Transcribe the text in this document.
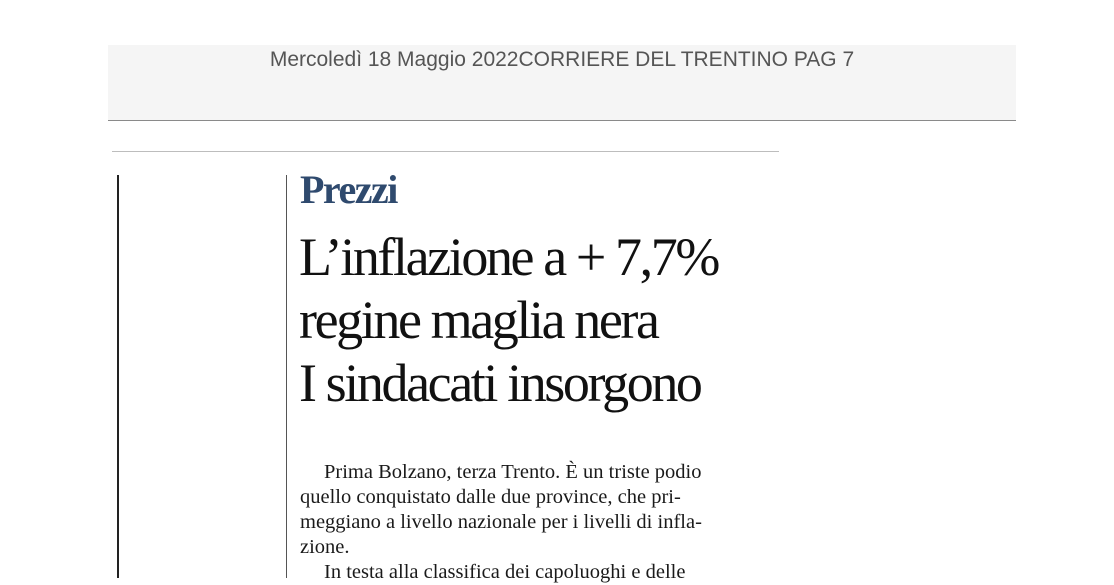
Mercoledì 18 Maggio 2022CORRIERE DEL TRENTINO PAG 7
Prezzi
L’inflazione a + 7,7%
regine maglia nera
I sindacati insorgono
Prima Bolzano, terza Trento. È un triste podio
quello conquistato dalle due province, che pri-
meggiano a livello nazionale per i livelli di infla-
zione.
In testa alla classifica dei capoluoghi e delle
